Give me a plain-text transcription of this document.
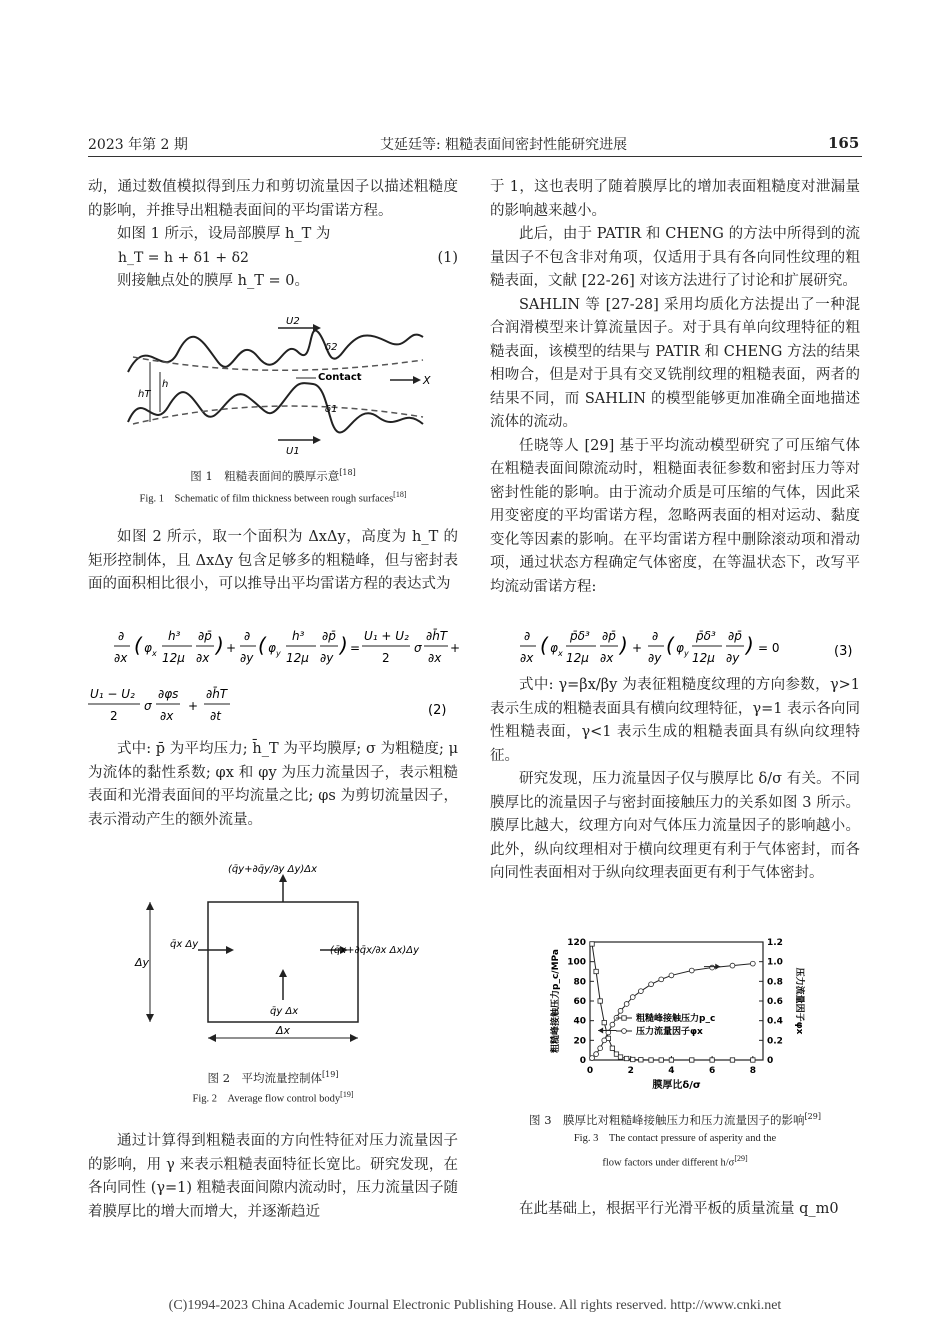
2023 年第 2 期	艾延廷等: 粗糙表面间密封性能研究进展	165

动，通过数值模拟得到压力和剪切流量因子以描述粗糙度的影响，并推导出粗糙表面间的平均雷诺方程。

如图 1 所示，设局部膜厚 h_T 为

h_T = h + δ1 + δ2	(1)

则接触点处的膜厚 h_T = 0。

U2
U1
X
Contact
δ2
δ1
hT
h
图 1　粗糙表面间的膜厚示意[18]
Fig. 1　Schematic of film thickness between rough surfaces[18]

如图 2 所示，取一个面积为 ΔxΔy，高度为 h_T 的矩形控制体，且 ΔxΔy 包含足够多的粗糙峰，但与密封表面的面积相比很小，可以推导出平均雷诺方程的表达式为

∂
∂x
( φ x
h³
12μ
∂p̄
∂x
) +
∂
∂y
( φ y
h³
12μ
∂p̄
∂y
) =
U₁ + U₂
2
σ
∂h̄T
∂x
+
U₁ − U₂
2
σ
∂φs
∂x
+
∂h̄T
∂t	(2)

式中: p̄ 为平均压力; h̄_T 为平均膜厚; σ 为粗糙度; μ 为流体的黏性系数; φx 和 φy 为压力流量因子，表示粗糙表面和光滑表面间的平均流量之比; φs 为剪切流量因子，表示滑动产生的额外流量。

(q̄y+∂q̄y/∂y Δy)Δx
q̄y Δx
q̄x Δy
(q̄x+∂q̄x/∂x Δx)Δy
Δy
Δx
图 2　平均流量控制体[19]
Fig. 2　Average flow control body[19]

通过计算得到粗糙表面的方向性特征对压力流量因子的影响，用 γ 来表示粗糙表面特征长宽比。研究发现，在各向同性 (γ=1) 粗糙表面间隙内流动时，压力流量因子随着膜厚比的增大而增大，并逐渐趋近

于 1，这也表明了随着膜厚比的增加表面粗糙度对泄漏量的影响越来越小。

此后，由于 PATIR 和 CHENG 的方法中所得到的流量因子不包含非对角项，仅适用于具有各向同性纹理的粗糙表面，文献 [22-26] 对该方法进行了讨论和扩展研究。

SAHLIN 等 [27-28] 采用均质化方法提出了一种混合润滑模型来计算流量因子。对于具有单向纹理特征的粗糙表面，该模型的结果与 PATIR 和 CHENG 方法的结果相吻合，但是对于具有交叉铣削纹理的粗糙表面，两者的结果不同，而 SAHLIN 的模型能够更加准确全面地描述流体的流动。

任晓等人 [29] 基于平均流动模型研究了可压缩气体在粗糙表面间隙流动时，粗糙面表征参数和密封压力等对密封性能的影响。由于流动介质是可压缩的气体，因此采用变密度的平均雷诺方程，忽略两表面的相对运动、黏度变化等因素的影响。在平均雷诺方程中删除滚动项和滑动项，通过状态方程确定气体密度，在等温状态下，改写平均流动雷诺方程:

∂
∂x
( φ x
p̄δ³
12μ
∂p̄
∂x
) +
∂
∂y
( φ y
p̄δ³
12μ
∂p̄
∂y
) = 0	(3)

式中: γ=βx/βy 为表征粗糙度纹理的方向参数，γ>1 表示生成的粗糙表面具有横向纹理特征，γ=1 表示各向同性粗糙表面，γ<1 表示生成的粗糙表面具有纵向纹理特征。

研究发现，压力流量因子仅与膜厚比 δ/σ 有关。不同膜厚比的流量因子与密封面接触压力的关系如图 3 所示。膜厚比越大，纹理方向对气体压力流量因子的影响越小。此外，纵向纹理相对于横向纹理更有利于气体密封，而各向同性表面相对于纵向纹理表面更有利于气体密封。

0	2	4	6	8
0
20
40
60
80
100
120
0
0.2
0.4
0.6
0.8
1.0
1.2
膜厚比δ/σ
粗糙峰接触压力p_c/MPa	压力流量因子φx
粗糙峰接触压力p_c
压力流量因子φx
图 3　膜厚比对粗糙峰接触压力和压力流量因子的影响[29]
Fig. 3　The contact pressure of asperity and the
flow factors under different h/σ[29]

在此基础上，根据平行光滑平板的质量流量 q_m0

(C)1994-2023 China Academic Journal Electronic Publishing House. All rights reserved. http://www.cnki.net
